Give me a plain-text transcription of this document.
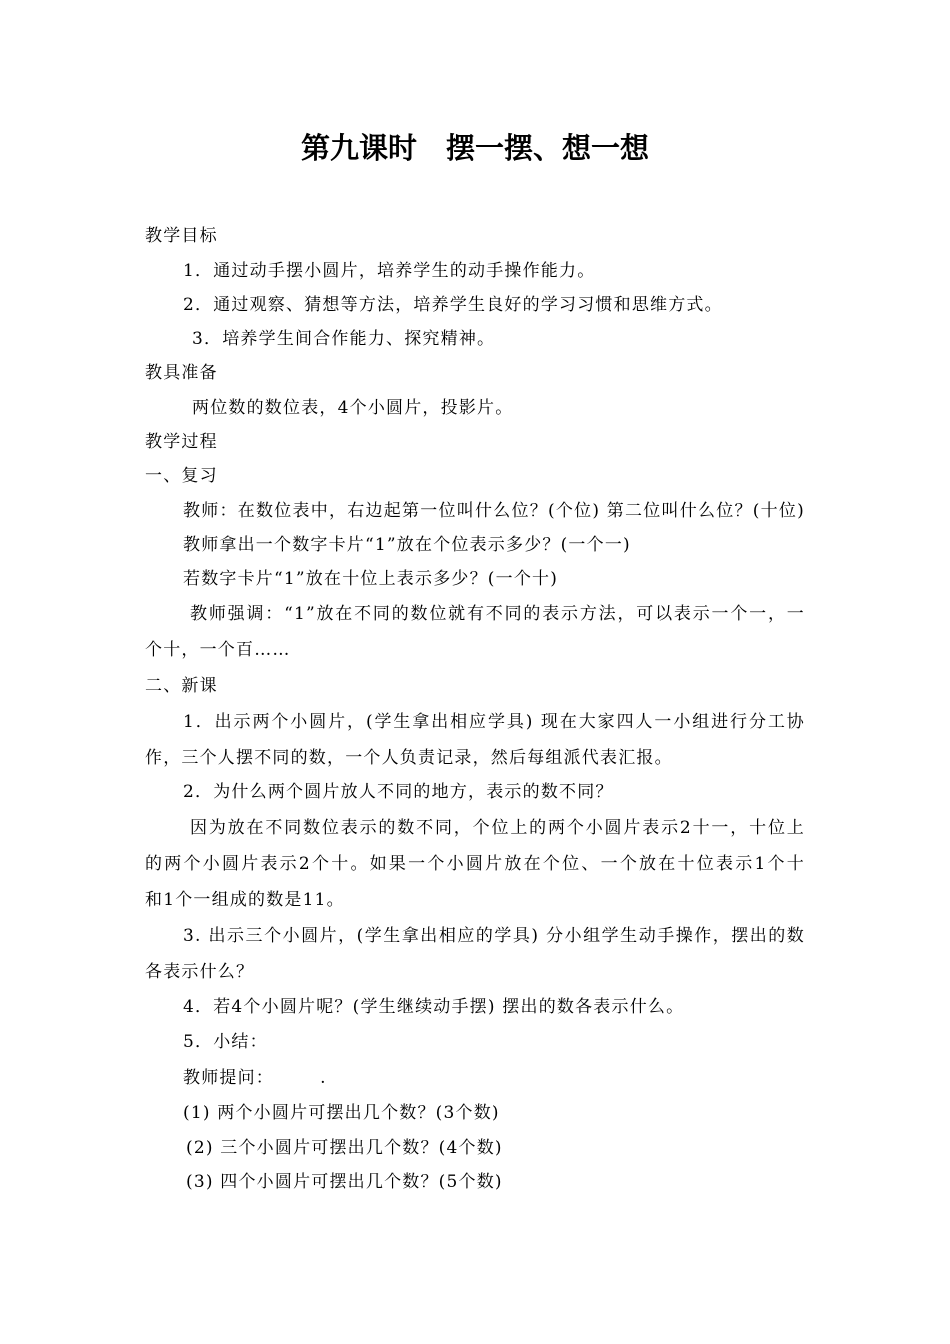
第九课时　摆一摆、想一想
教学目标
1．通过动手摆小圆片，培养学生的动手操作能力。
2．通过观察、猜想等方法，培养学生良好的学习习惯和思维方式。
3．培养学生间合作能力、探究精神。
教具准备
两位数的数位表，4个小圆片，投影片。
教学过程
一、复习
教师：在数位表中，右边起第一位叫什么位？(个位) 第二位叫什么位？(十位)
教师拿出一个数字卡片“1”放在个位表示多少？(一个一)
若数字卡片“1”放在十位上表示多少？(一个十)
教师强调：“1”放在不同的数位就有不同的表示方法，可以表示一个一，一
个十，一个百……
二、新课
1．出示两个小圆片，(学生拿出相应学具) 现在大家四人一小组进行分工协
作，三个人摆不同的数，一个人负责记录，然后每组派代表汇报。
2．为什么两个圆片放人不同的地方，表示的数不同？
因为放在不同数位表示的数不同，个位上的两个小圆片表示2十一，十位上
的两个小圆片表示2个十。如果一个小圆片放在个位、一个放在十位表示1个十
和1个一组成的数是11。
3. 出示三个小圆片，(学生拿出相应的学具) 分小组学生动手操作，摆出的数
各表示什么？
4．若4个小圆片呢？(学生继续动手摆) 摆出的数各表示什么。
5．小结：
教师提问：　　　.
(1) 两个小圆片可摆出几个数？(3个数)
(2) 三个小圆片可摆出几个数？(4个数)
(3) 四个小圆片可摆出几个数？(5个数)
